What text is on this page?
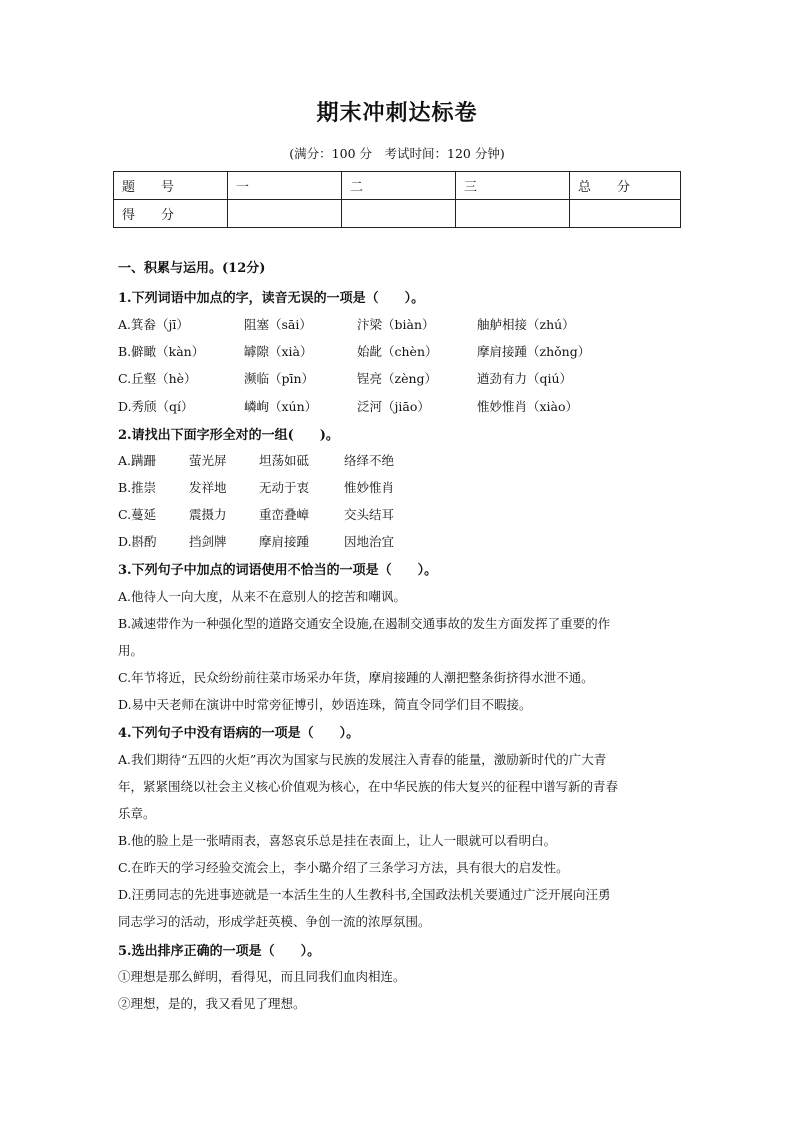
期末冲刺达标卷
(满分：100 分　考试时间：120 分钟)
题　　号	一	二	三	总　　分
得　　分				
一、积累与运用。(12分)
1.下列词语中加点的字，读音无误的一项是（　　）。
A.箕畚（jī）	阻塞（sāi）	汴梁（biàn）	舳舻相接（zhú）
B.僻瞰（kàn）	罅隙（xià）	始龀（chèn）	摩肩接踵（zhǒng）
C.丘壑（hè）	濒临（pīn）	锃亮（zèng）	遒劲有力（qiú）
D.秀颀（qí）	嶙峋（xún）	泛河（jiāo）	惟妙惟肖（xiào）
2.请找出下面字形全对的一组(　　)。
A.蹒跚	萤光屏	坦荡如砥	络绎不绝
B.推崇	发祥地	无动于衷	惟妙惟肖
C.蔓延	震摄力	重峦叠嶂	交头结耳
D.斟酌	挡剑牌	摩肩接踵	因地治宜
3.下列句子中加点的词语使用不恰当的一项是（　　）。
A.他待人一向大度，从来不在意别人的挖苦和嘲讽。
B.减速带作为一种强化型的道路交通安全设施,在遏制交通事故的发生方面发挥了重要的作
用。
C.年节将近，民众纷纷前往菜市场采办年货，摩肩接踵的人潮把整条街挤得水泄不通。
D.易中天老师在演讲中时常旁征博引，妙语连珠，简直令同学们目不暇接。
4.下列句子中没有语病的一项是（　　）。
A.我们期待“五四的火炬”再次为国家与民族的发展注入青春的能量，激励新时代的广大青
年，紧紧围绕以社会主义核心价值观为核心，在中华民族的伟大复兴的征程中谱写新的青春
乐章。
B.他的脸上是一张晴雨表，喜怒哀乐总是挂在表面上，让人一眼就可以看明白。
C.在昨天的学习经验交流会上，李小璐介绍了三条学习方法，具有很大的启发性。
D.汪勇同志的先进事迹就是一本活生生的人生教科书,全国政法机关要通过广泛开展向汪勇
同志学习的活动，形成学赶英模、争创一流的浓厚氛围。
5.选出排序正确的一项是（　　）。
①理想是那么鲜明，看得见，而且同我们血肉相连。
②理想，是的，我又看见了理想。
